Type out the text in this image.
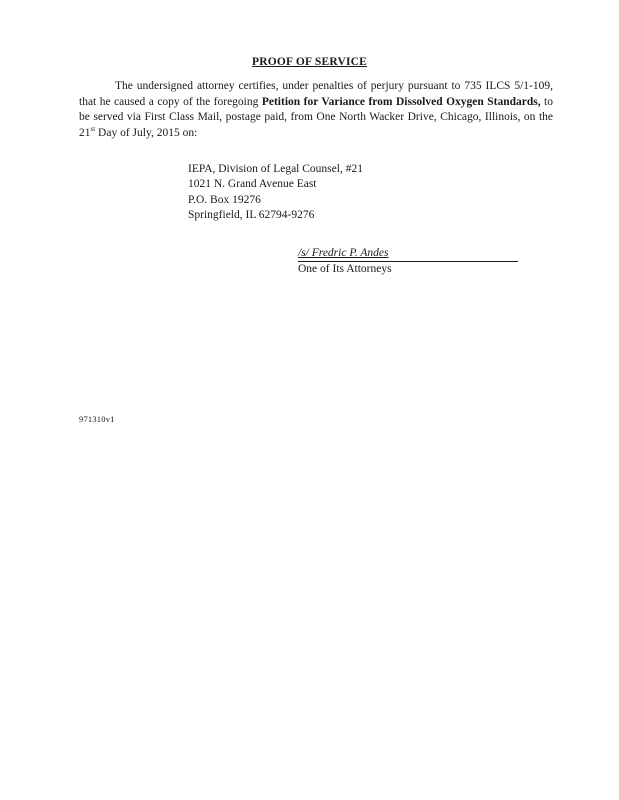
PROOF OF SERVICE
The undersigned attorney certifies, under penalties of perjury pursuant to 735 ILCS 5/1-109, that he caused a copy of the foregoing Petition for Variance from Dissolved Oxygen Standards, to be served via First Class Mail, postage paid, from One North Wacker Drive, Chicago, Illinois, on the 21st Day of July, 2015 on:
IEPA, Division of Legal Counsel, #21
1021 N. Grand Avenue East
P.O. Box 19276
Springfield, IL 62794-9276
/s/ Fredric P. Andes
One of Its Attorneys
971310v1
